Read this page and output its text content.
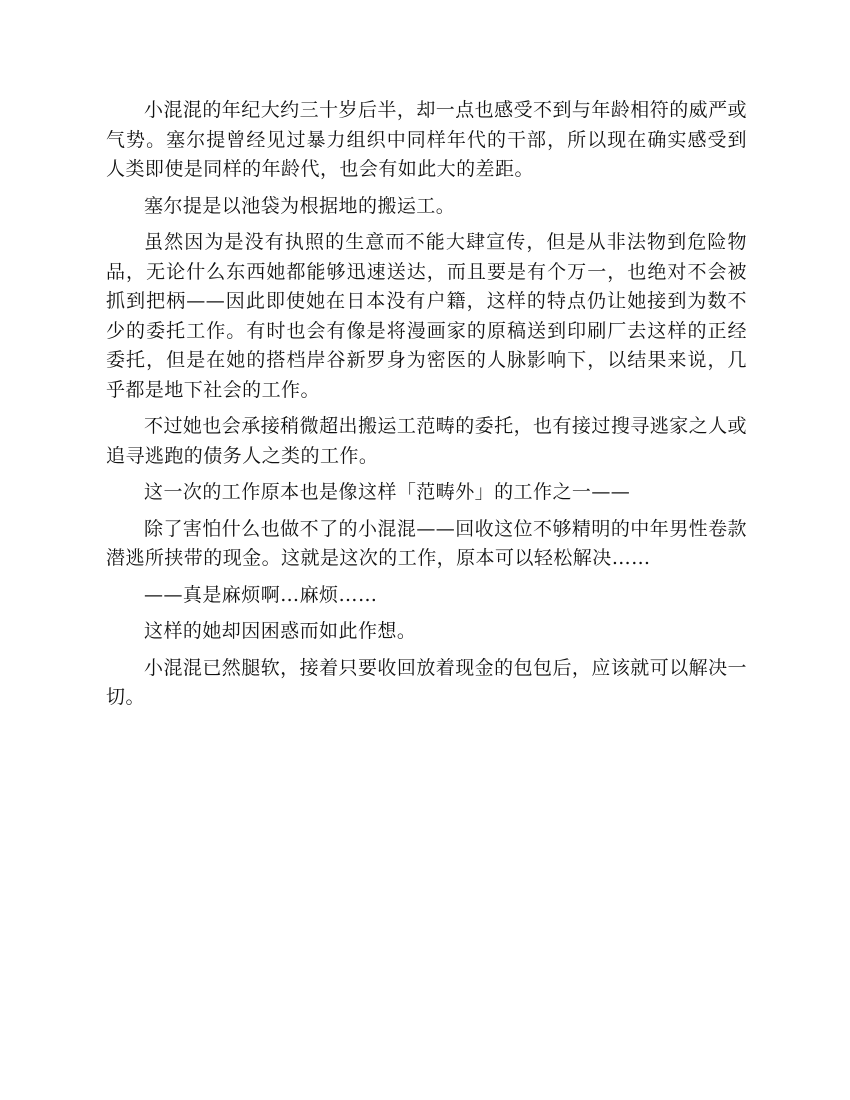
小混混的年纪大约三十岁后半，却一点也感受不到与年龄相符的威严或气势。塞尔提曾经见过暴力组织中同样年代的干部，所以现在确实感受到人类即使是同样的年龄代，也会有如此大的差距。

塞尔提是以池袋为根据地的搬运工。

虽然因为是没有执照的生意而不能大肆宣传，但是从非法物到危险物品，无论什么东西她都能够迅速送达，而且要是有个万一，也绝对不会被抓到把柄——因此即使她在日本没有户籍，这样的特点仍让她接到为数不少的委托工作。有时也会有像是将漫画家的原稿送到印刷厂去这样的正经委托，但是在她的搭档岸谷新罗身为密医的人脉影响下，以结果来说，几乎都是地下社会的工作。

不过她也会承接稍微超出搬运工范畴的委托，也有接过搜寻逃家之人或追寻逃跑的债务人之类的工作。

这一次的工作原本也是像这样「范畴外」的工作之一——

除了害怕什么也做不了的小混混——回收这位不够精明的中年男性卷款潜逃所挟带的现金。这就是这次的工作，原本可以轻松解决……

——真是麻烦啊…麻烦……

这样的她却因困惑而如此作想。

小混混已然腿软，接着只要收回放着现金的包包后，应该就可以解决一切。
